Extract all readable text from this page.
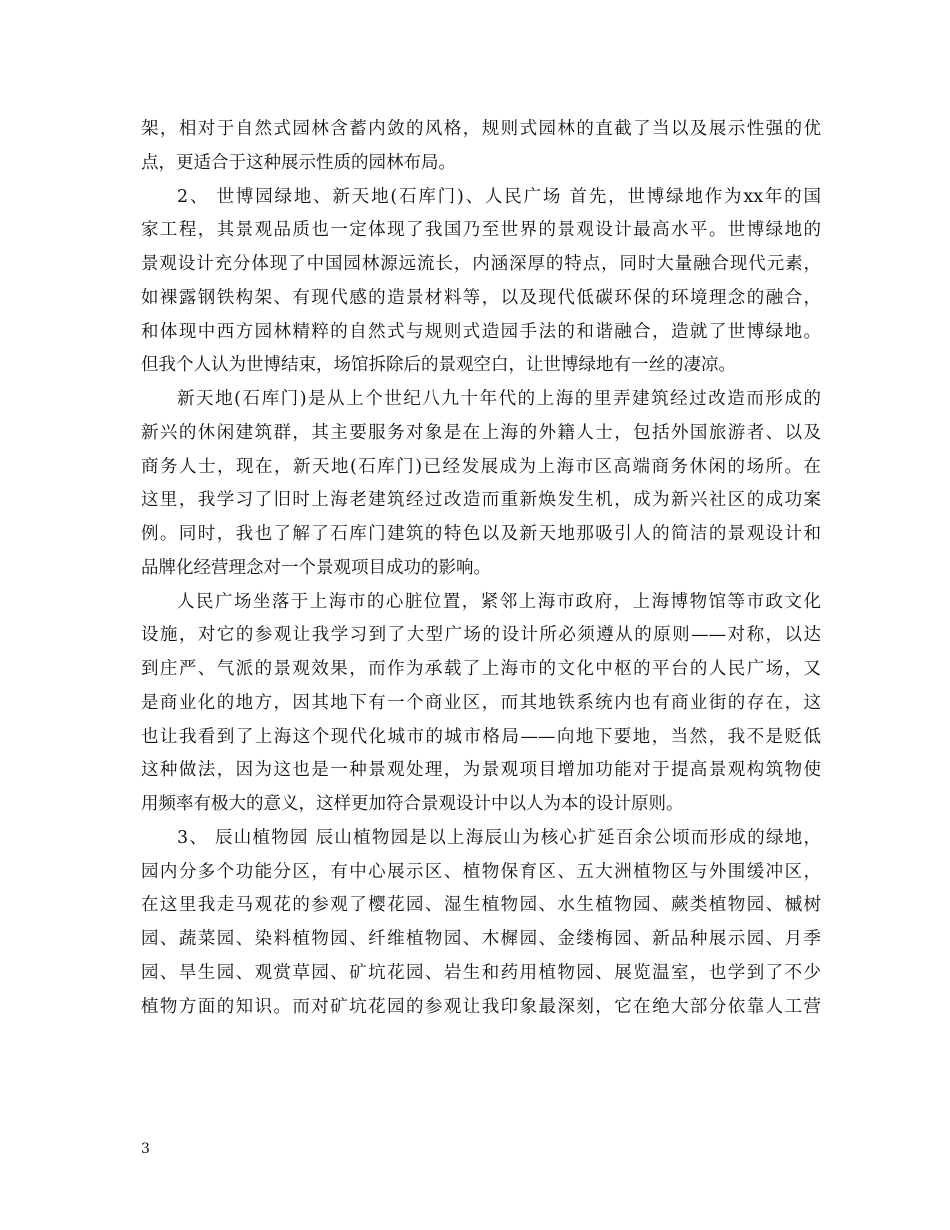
架，相对于自然式园林含蓄内敛的风格，规则式园林的直截了当以及展示性强的优
点，更适合于这种展示性质的园林布局。
2、 世博园绿地、新天地(石库门)、人民广场 首先，世博绿地作为xx年的国
家工程，其景观品质也一定体现了我国乃至世界的景观设计最高水平。世博绿地的
景观设计充分体现了中国园林源远流长，内涵深厚的特点，同时大量融合现代元素，
如裸露钢铁构架、有现代感的造景材料等，以及现代低碳环保的环境理念的融合，
和体现中西方园林精粹的自然式与规则式造园手法的和谐融合，造就了世博绿地。
但我个人认为世博结束，场馆拆除后的景观空白，让世博绿地有一丝的凄凉。
新天地(石库门)是从上个世纪八九十年代的上海的里弄建筑经过改造而形成的
新兴的休闲建筑群，其主要服务对象是在上海的外籍人士，包括外国旅游者、以及
商务人士，现在，新天地(石库门)已经发展成为上海市区高端商务休闲的场所。在
这里，我学习了旧时上海老建筑经过改造而重新焕发生机，成为新兴社区的成功案
例。同时，我也了解了石库门建筑的特色以及新天地那吸引人的简洁的景观设计和
品牌化经营理念对一个景观项目成功的影响。
人民广场坐落于上海市的心脏位置，紧邻上海市政府，上海博物馆等市政文化
设施，对它的参观让我学习到了大型广场的设计所必须遵从的原则——对称，以达
到庄严、气派的景观效果，而作为承载了上海市的文化中枢的平台的人民广场，又
是商业化的地方，因其地下有一个商业区，而其地铁系统内也有商业街的存在，这
也让我看到了上海这个现代化城市的城市格局——向地下要地，当然，我不是贬低
这种做法，因为这也是一种景观处理，为景观项目增加功能对于提高景观构筑物使
用频率有极大的意义，这样更加符合景观设计中以人为本的设计原则。
3、 辰山植物园 辰山植物园是以上海辰山为核心扩延百余公顷而形成的绿地，
园内分多个功能分区，有中心展示区、植物保育区、五大洲植物区与外围缓冲区，
在这里我走马观花的参观了樱花园、湿生植物园、水生植物园、蕨类植物园、槭树
园、蔬菜园、染料植物园、纤维植物园、木樨园、金缕梅园、新品种展示园、月季
园、旱生园、观赏草园、矿坑花园、岩生和药用植物园、展览温室，也学到了不少
植物方面的知识。而对矿坑花园的参观让我印象最深刻，它在绝大部分依靠人工营
3
